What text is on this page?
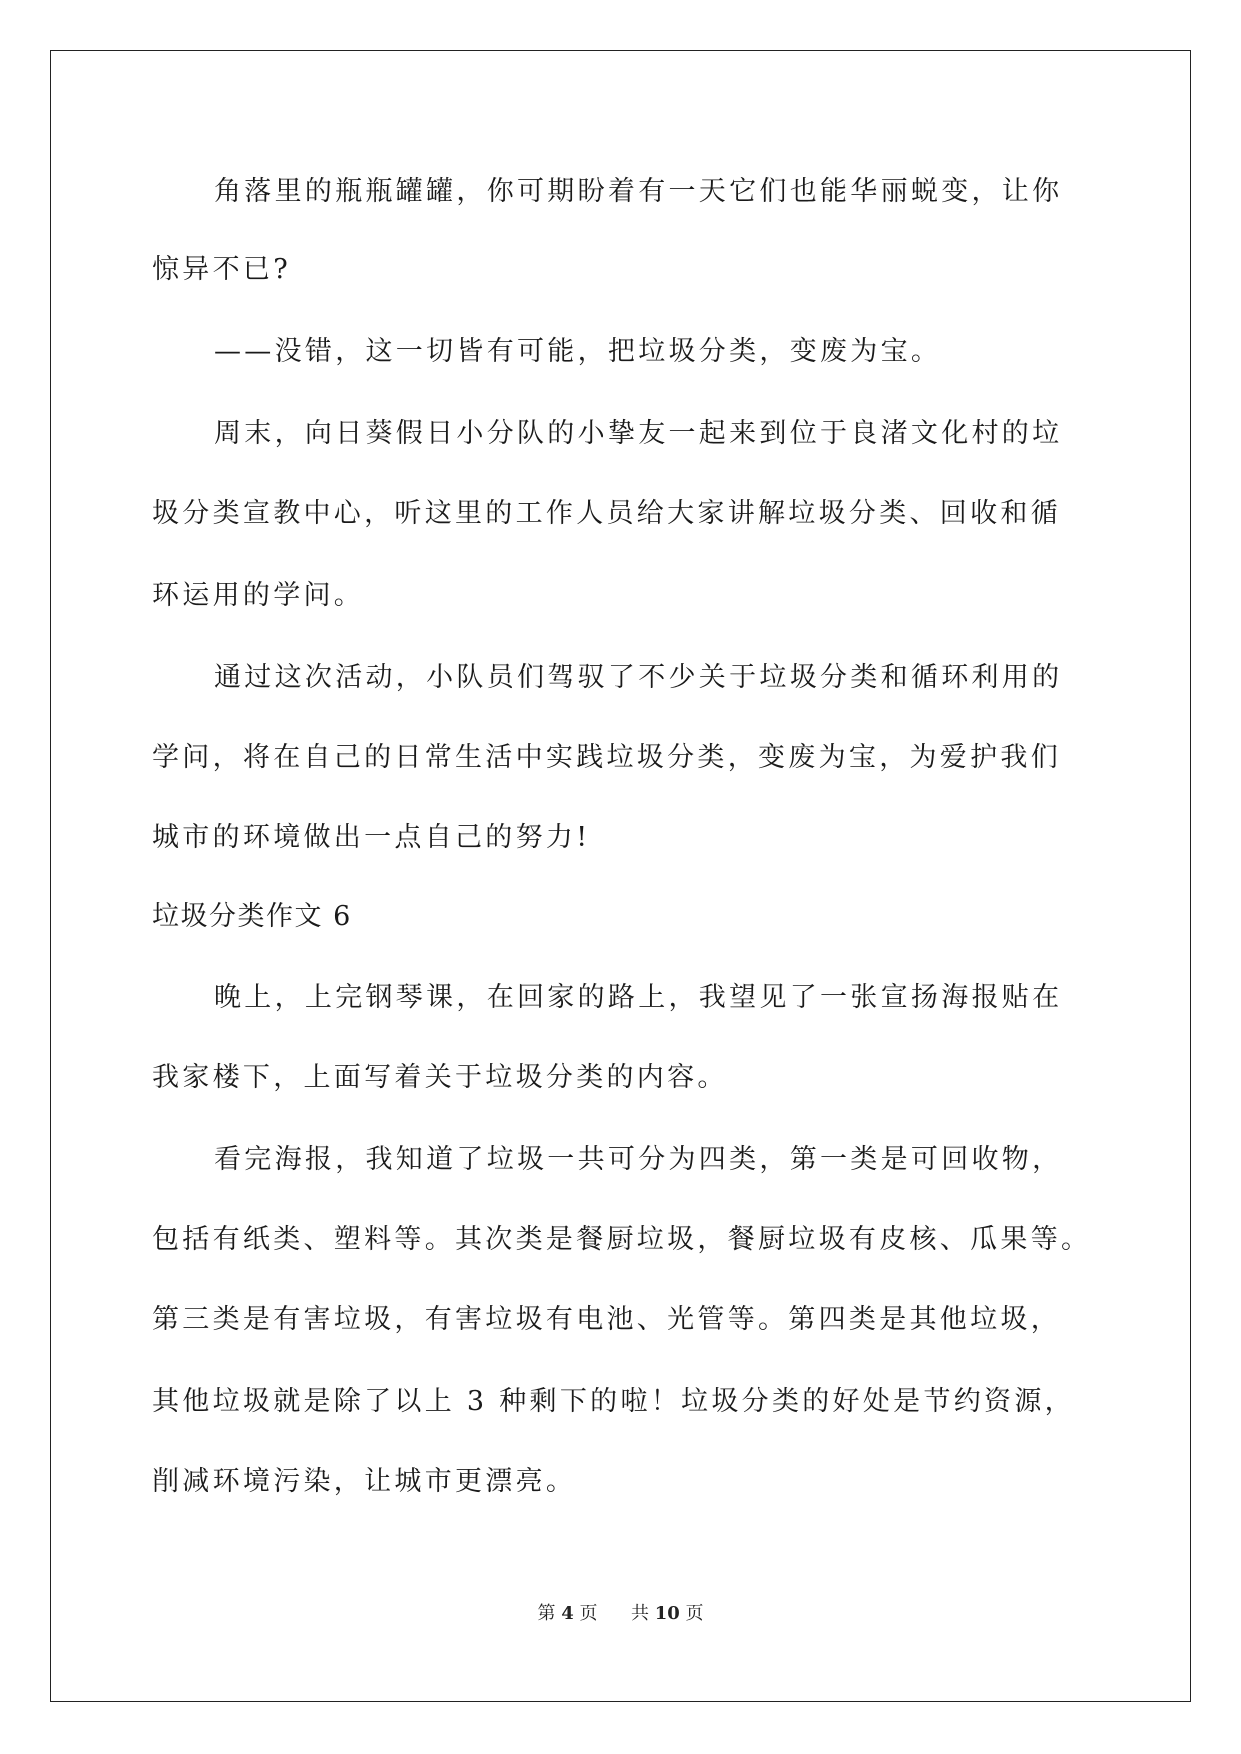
角落里的瓶瓶罐罐，你可期盼着有一天它们也能华丽蜕变，让你
惊异不已?
——没错，这一切皆有可能，把垃圾分类，变废为宝。
周末，向日葵假日小分队的小挚友一起来到位于良渚文化村的垃
圾分类宣教中心，听这里的工作人员给大家讲解垃圾分类、回收和循
环运用的学问。
通过这次活动，小队员们驾驭了不少关于垃圾分类和循环利用的
学问，将在自己的日常生活中实践垃圾分类，变废为宝，为爱护我们
城市的环境做出一点自己的努力!
垃圾分类作文 6
晚上，上完钢琴课，在回家的路上，我望见了一张宣扬海报贴在
我家楼下，上面写着关于垃圾分类的内容。
看完海报，我知道了垃圾一共可分为四类，第一类是可回收物，
包括有纸类、塑料等。其次类是餐厨垃圾，餐厨垃圾有皮核、瓜果等。
第三类是有害垃圾，有害垃圾有电池、光管等。第四类是其他垃圾，
其他垃圾就是除了以上 3 种剩下的啦！垃圾分类的好处是节约资源，
削减环境污染，让城市更漂亮。
第 4 页 共 10 页
